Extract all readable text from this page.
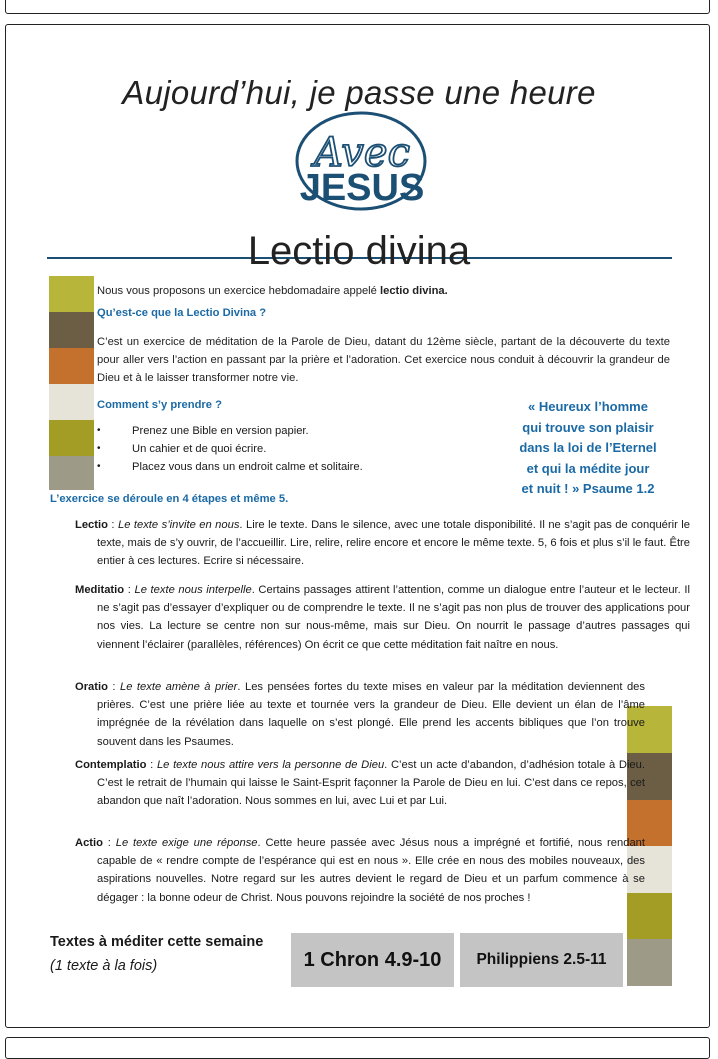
Aujourd’hui, je passe une heure
Avec
JESUS
Lectio divina
Nous vous proposons un exercice hebdomadaire appelé lectio divina.
Qu’est-ce que la Lectio Divina ?
C’est un exercice de méditation de la Parole de Dieu, datant du 12ème siècle, partant de la découverte du texte pour aller vers l’action en passant par la prière et l’adoration. Cet exercice nous conduit à découvrir la grandeur de Dieu et à le laisser transformer notre vie.
Comment s’y prendre ?
• Prenez une Bible en version papier.
• Un cahier et de quoi écrire.
• Placez vous dans un endroit calme et solitaire.
« Heureux l’homme
qui trouve son plaisir
dans la loi de l’Eternel
et qui la médite jour
et nuit ! » Psaume 1.2
L’exercice se déroule en 4 étapes et même 5.
Lectio : Le texte s’invite en nous. Lire le texte. Dans le silence, avec une totale disponibilité. Il ne s’agit pas de conquérir le texte, mais de s’y ouvrir, de l’accueillir. Lire, relire, relire encore et encore le même texte. 5, 6 fois et plus s’il le faut. Être entier à ces lectures. Ecrire si nécessaire.
Meditatio : Le texte nous interpelle. Certains passages attirent l’attention, comme un dialogue entre l’auteur et le lecteur. Il ne s’agit pas d’essayer d’expliquer ou de comprendre le texte. Il ne s’agit pas non plus de trouver des applications pour nos vies. La lecture se centre non sur nous-même, mais sur Dieu. On nourrit le passage d’autres passages qui viennent l’éclairer (parallèles, références) On écrit ce que cette méditation fait naître en nous.
Oratio : Le texte amène à prier. Les pensées fortes du texte mises en valeur par la méditation deviennent des prières. C’est une prière liée au texte et tournée vers la grandeur de Dieu. Elle devient un élan de l’âme imprégnée de la révélation dans laquelle on s’est plongé. Elle prend les accents bibliques que l’on trouve souvent dans les Psaumes.
Contemplatio : Le texte nous attire vers la personne de Dieu. C’est un acte d’abandon, d’adhésion totale à Dieu. C’est le retrait de l’humain qui laisse le Saint-Esprit façonner la Parole de Dieu en lui. C’est dans ce repos, cet abandon que naît l’adoration. Nous sommes en lui, avec Lui et par Lui.
Actio : Le texte exige une réponse. Cette heure passée avec Jésus nous a imprégné et fortifié, nous rendant capable de « rendre compte de l’espérance qui est en nous ». Elle crée en nous des mobiles nouveaux, des aspirations nouvelles. Notre regard sur les autres devient le regard de Dieu et un parfum commence à se dégager : la bonne odeur de Christ. Nous pouvons rejoindre la société de nos proches !
Textes à méditer cette semaine (1 texte à la fois)	1 Chron 4.9-10	Philippiens 2.5-11
